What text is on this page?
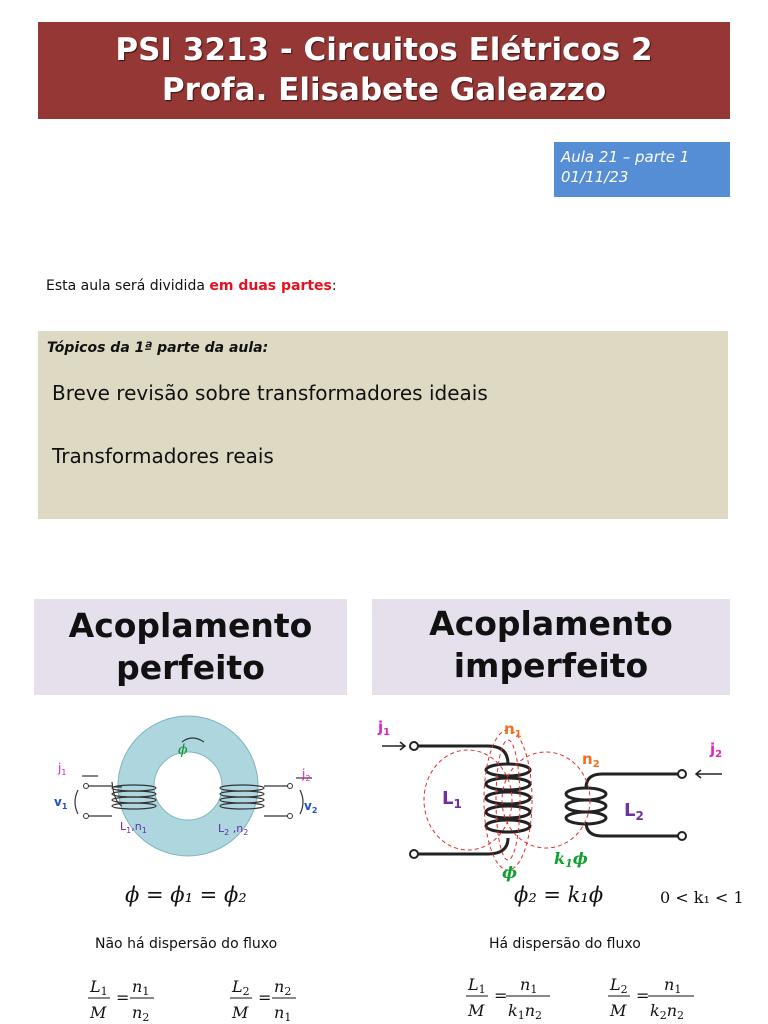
PSI 3213 - Circuitos Elétricos 2
Profa. Elisabete Galeazzo
Aula 21 – parte 1
01/11/23
Esta aula será dividida em duas partes:
Tópicos da 1ª parte da aula:
Breve revisão sobre transformadores ideais
Transformadores reais
Acoplamento
perfeito
Acoplamento
imperfeito
$j_1$
$v_1$
$L_1,n_1$	$L_2$ $,n_2$
$j_2$
$v_2$
ϕ
$j_1$	$n_1$
$n_2$
$j_2$
$L_1$	$L_2$
ϕ
k1ϕ
ϕ = ϕ₁ = ϕ₂	ϕ₂ = k₁ϕ	0 < k₁ < 1
Não há dispersão do fluxo	Há dispersão do fluxo
L1
M
=
n1
n2
L2
M
=
n2
n1
L1
M
=
n1
k1n2
L2
M
=
n1
k2n2
